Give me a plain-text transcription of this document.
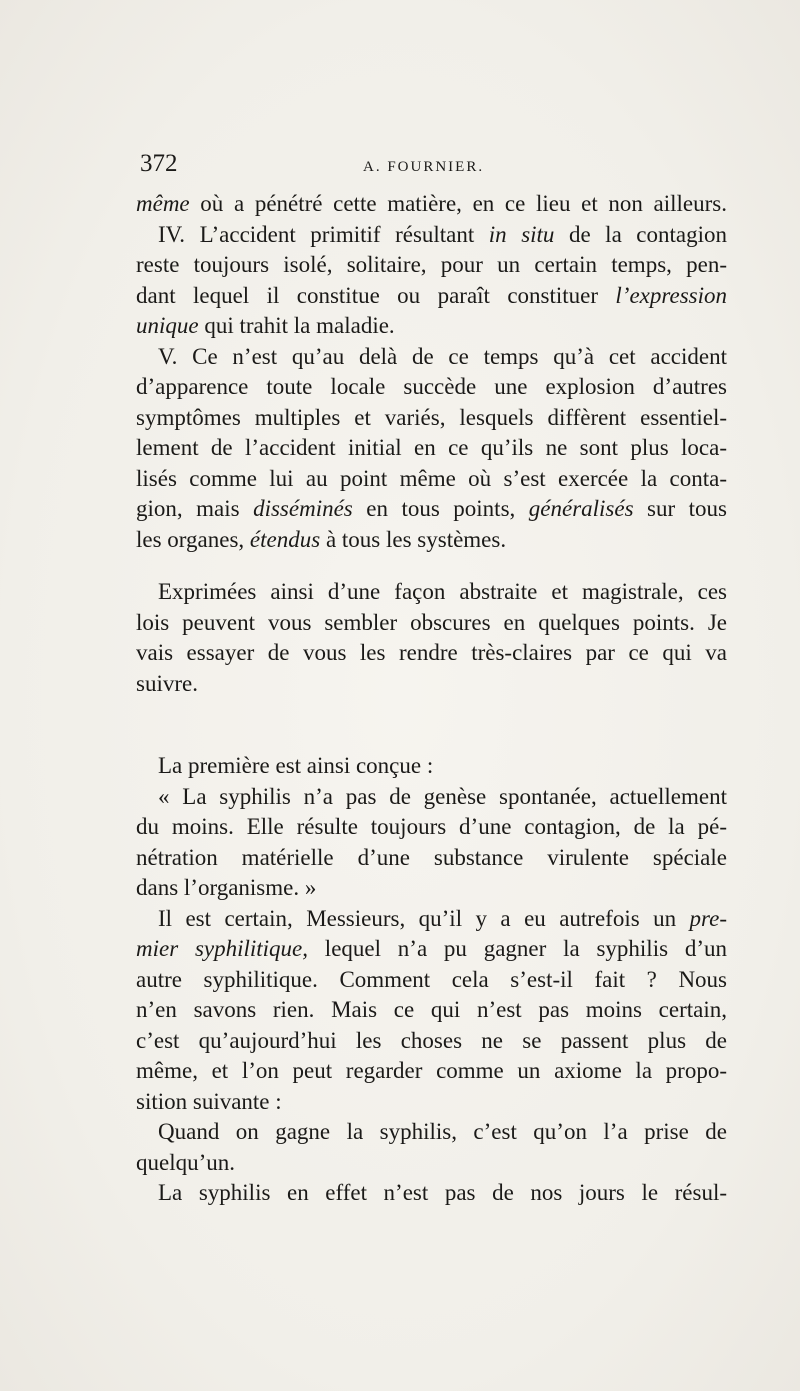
372	A. FOURNIER.
même où a pénétré cette matière, en ce lieu et non ailleurs.
IV. L’accident primitif résultant in situ de la contagion
reste toujours isolé, solitaire, pour un certain temps, pen-
dant lequel il constitue ou paraît constituer l’expression
unique qui trahit la maladie.
V. Ce n’est qu’au delà de ce temps qu’à cet accident
d’apparence toute locale succède une explosion d’autres
symptômes multiples et variés, lesquels diffèrent essentiel-
lement de l’accident initial en ce qu’ils ne sont plus loca-
lisés comme lui au point même où s’est exercée la conta-
gion, mais disséminés en tous points, généralisés sur tous
les organes, étendus à tous les systèmes.
Exprimées ainsi d’une façon abstraite et magistrale, ces
lois peuvent vous sembler obscures en quelques points. Je
vais essayer de vous les rendre très-claires par ce qui va
suivre.
La première est ainsi conçue :
« La syphilis n’a pas de genèse spontanée, actuellement
du moins. Elle résulte toujours d’une contagion, de la pé-
nétration matérielle d’une substance virulente spéciale
dans l’organisme. »
Il est certain, Messieurs, qu’il y a eu autrefois un pre-
mier syphilitique, lequel n’a pu gagner la syphilis d’un
autre syphilitique. Comment cela s’est-il fait ? Nous
n’en savons rien. Mais ce qui n’est pas moins certain,
c’est qu’aujourd’hui les choses ne se passent plus de
même, et l’on peut regarder comme un axiome la propo-
sition suivante :
Quand on gagne la syphilis, c’est qu’on l’a prise de
quelqu’un.
La syphilis en effet n’est pas de nos jours le résul-
